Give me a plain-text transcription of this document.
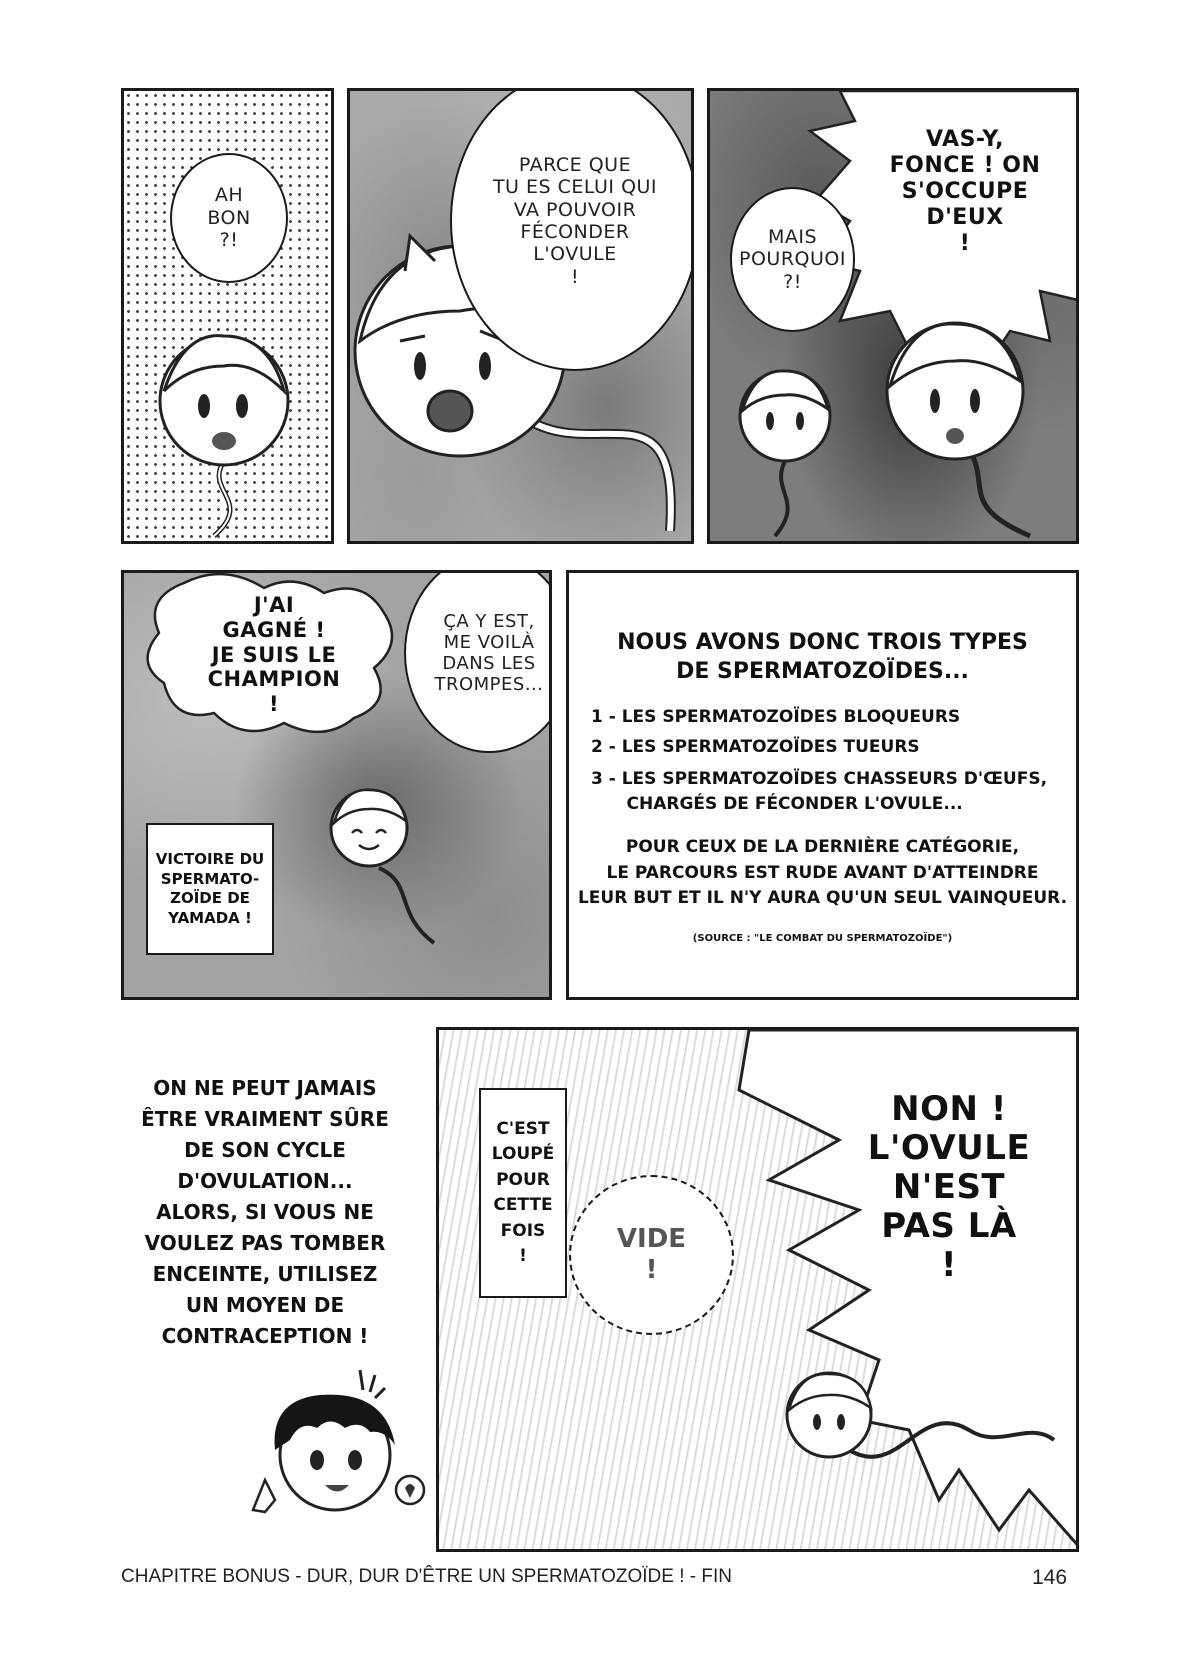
AH
BON
?!
PARCE QUE
TU ES CELUI QUI
VA POUVOIR
FÉCONDER
L'OVULE
!
VAS-Y,
FONCE ! ON
S'OCCUPE
D'EUX
!
MAIS
POURQUOI
?!
J'AI
GAGNÉ !
JE SUIS LE
CHAMPION
!
ÇA Y EST,
ME VOILÀ
DANS LES
TROMPES...
VICTOIRE DU
SPERMATO-
ZOÏDE DE
YAMADA !
NOUS AVONS DONC TROIS TYPES
DE SPERMATOZOÏDES...
1 - LES SPERMATOZOÏDES BLOQUEURS
2 - LES SPERMATOZOÏDES TUEURS
3 - LES SPERMATOZOÏDES CHASSEURS D'ŒUFS,
CHARGÉS DE FÉCONDER L'OVULE...
POUR CEUX DE LA DERNIÈRE CATÉGORIE,
LE PARCOURS EST RUDE AVANT D'ATTEINDRE
LEUR BUT ET IL N'Y AURA QU'UN SEUL VAINQUEUR.
(SOURCE : "LE COMBAT DU SPERMATOZOÏDE")
ON NE PEUT JAMAIS
ÊTRE VRAIMENT SÛRE
DE SON CYCLE
D'OVULATION...
ALORS, SI VOUS NE
VOULEZ PAS TOMBER
ENCEINTE, UTILISEZ
UN MOYEN DE
CONTRACEPTION !
NON !
L'OVULE
N'EST
PAS LÀ
!
C'EST
LOUPÉ
POUR
CETTE
FOIS
!
VIDE
!
CHAPITRE BONUS - DUR, DUR D'ÊTRE UN SPERMATOZOÏDE ! - FIN	146
